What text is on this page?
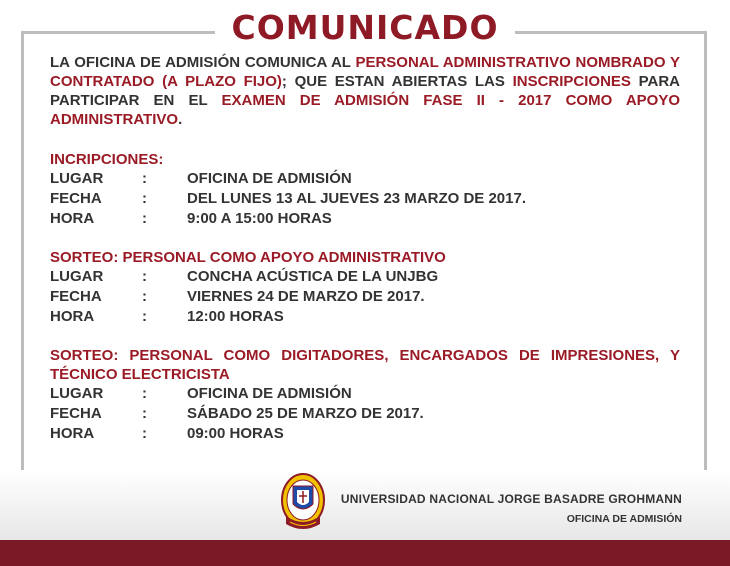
COMUNICADO
LA OFICINA DE ADMISIÓN COMUNICA AL PERSONAL ADMINISTRATIVO NOMBRADO Y CONTRATADO (A PLAZO FIJO); QUE ESTAN ABIERTAS LAS INSCRIPCIONES PARA PARTICIPAR EN EL EXAMEN DE ADMISIÓN FASE II - 2017 COMO APOYO ADMINISTRATIVO.
INCRIPCIONES:
LUGAR	:	OFICINA DE ADMISIÓN
FECHA	:	DEL LUNES 13 AL JUEVES 23 MARZO DE 2017.
HORA	:	9:00 A 15:00 HORAS
SORTEO: PERSONAL COMO APOYO ADMINISTRATIVO
LUGAR	:	CONCHA ACÚSTICA DE LA UNJBG
FECHA	:	VIERNES 24 DE MARZO DE 2017.
HORA	:	12:00 HORAS
SORTEO: PERSONAL COMO DIGITADORES, ENCARGADOS DE IMPRESIONES, Y TÉCNICO ELECTRICISTA
LUGAR	:	OFICINA DE ADMISIÓN
FECHA	:	SÁBADO 25 DE MARZO DE 2017.
HORA	:	09:00 HORAS
UNIVERSIDAD NACIONAL JORGE BASADRE GROHMANN
OFICINA DE ADMISIÓN
